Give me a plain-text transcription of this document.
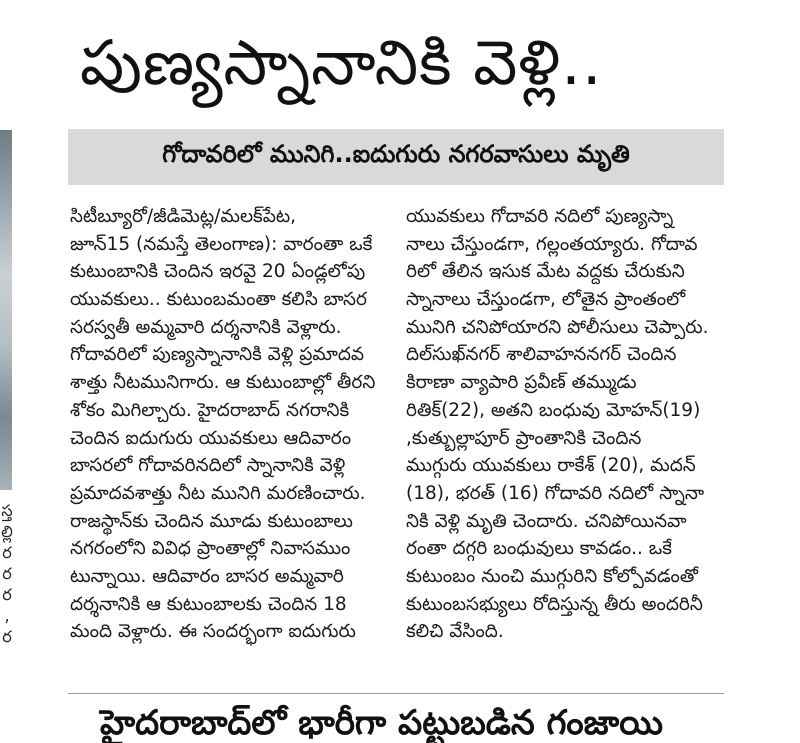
స్త
ల్లి
ర
ర
ర
,
ర
పుణ్యస్నానానికి వెళ్లి..
గోదావరిలో మునిగి..ఐదుగురు నగరవాసులు మృతి
సిటీబ్యూరో/జీడిమెట్ల/మలక్‌పేట,
జూన్15 (నమస్తే తెలంగాణ): వారంతా ఒకే
కుటుంబానికి చెందిన ఇరవై 20 ఏండ్లలోపు
యువకులు.. కుటుంబమంతా కలిసి బాసర
సరస్వతీ అమ్మవారి దర్శనానికి వెళ్లారు.
గోదావరిలో పుణ్యస్నానానికి వెళ్లి ప్రమాదవ
శాత్తు నీటమునిగారు. ఆ కుటుంబాల్లో తీరని
శోకం మిగిల్చారు. హైదరాబాద్ నగరానికి
చెందిన ఐదుగురు యువకులు ఆదివారం
బాసరలో గోదావరినదిలో స్నానానికి వెళ్లి
ప్రమాదవశాత్తు నీట మునిగి మరణించారు.
రాజస్థాన్‌కు చెందిన మూడు కుటుంబాలు
నగరంలోని వివిధ ప్రాంతాల్లో నివాసముం
టున్నాయి. ఆదివారం బాసర అమ్మవారి
దర్శనానికి ఆ కుటుంబాలకు చెందిన 18
మంది వెళ్లారు. ఈ సందర్భంగా ఐదుగురు
యువకులు గోదావరి నదిలో పుణ్యస్నా
నాలు చేస్తుండగా, గల్లంతయ్యారు. గోదావ
రిలో తేలిన ఇసుక మేట వద్దకు చేరుకుని
స్నానాలు చేస్తుండగా, లోతైన ప్రాంతంలో
మునిగి చనిపోయారని పోలీసులు చెప్పారు.
దిల్‌సుఖ్‌నగర్ శాలివాహననగర్ చెందిన
కిరాణా వ్యాపారి ప్రవీణ్ తమ్ముడు
రితిక్(22), అతని బంధువు మోహన్(19)
,కుత్బుల్లాపూర్ ప్రాంతానికి చెందిన
ముగ్గురు యువకులు రాకేశ్ (20), మదన్
(18), భరత్ (16) గోదావరి నదిలో స్నానా
నికి వెళ్లి మృతి చెందారు. చనిపోయినవా
రంతా దగ్గరి బంధువులు కావడం.. ఒకే
కుటుంబం నుంచి ముగ్గురిని కోల్పోవడంతో
కుటుంబసభ్యులు రోదిస్తున్న తీరు అందరినీ
కలిచి వేసింది.
హైదరాబాద్‌లో భారీగా పట్టుబడిన గంజాయి
